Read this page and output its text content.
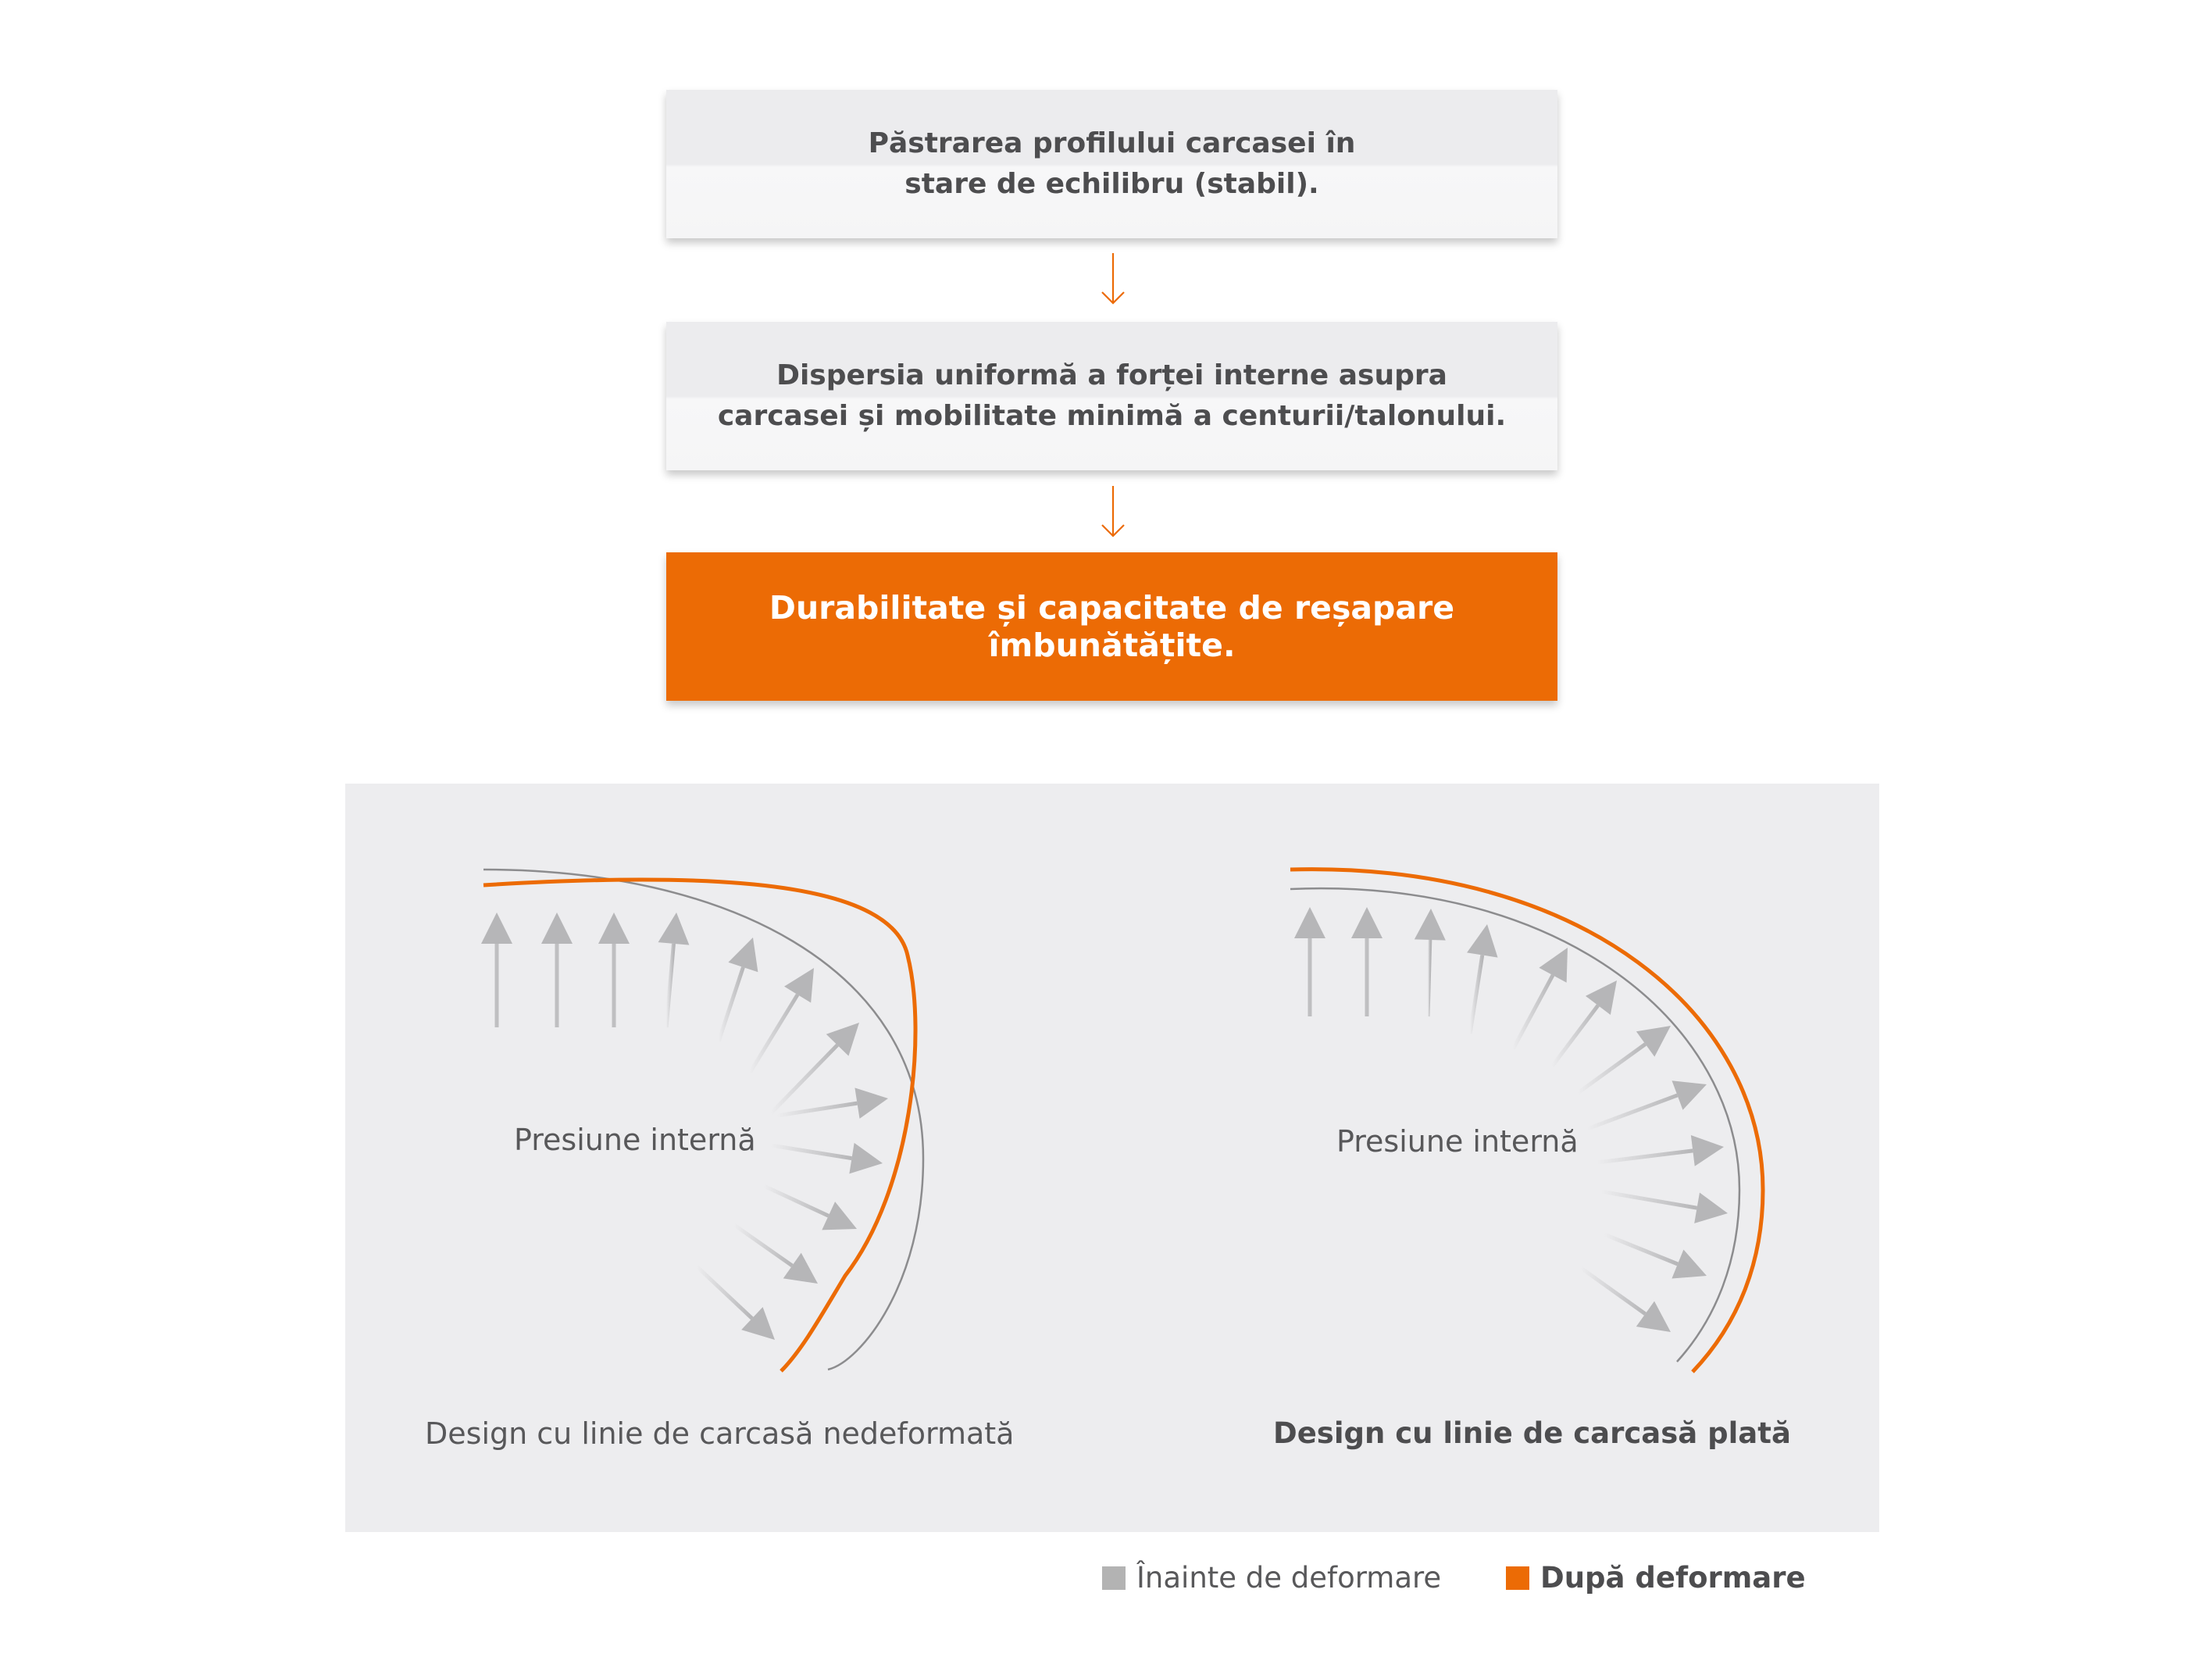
Păstrarea profilului carcasei în
stare de echilibru (stabil).
Dispersia uniformă a forței interne asupra
carcasei și mobilitate minimă a centurii/talonului.
Durabilitate și capacitate de reșapare îmbunătățite.
Presiune internă	Presiune internă
Design cu linie de carcasă nedeformată	Design cu linie de carcasă plată
Înainte de deformare	După deformare
